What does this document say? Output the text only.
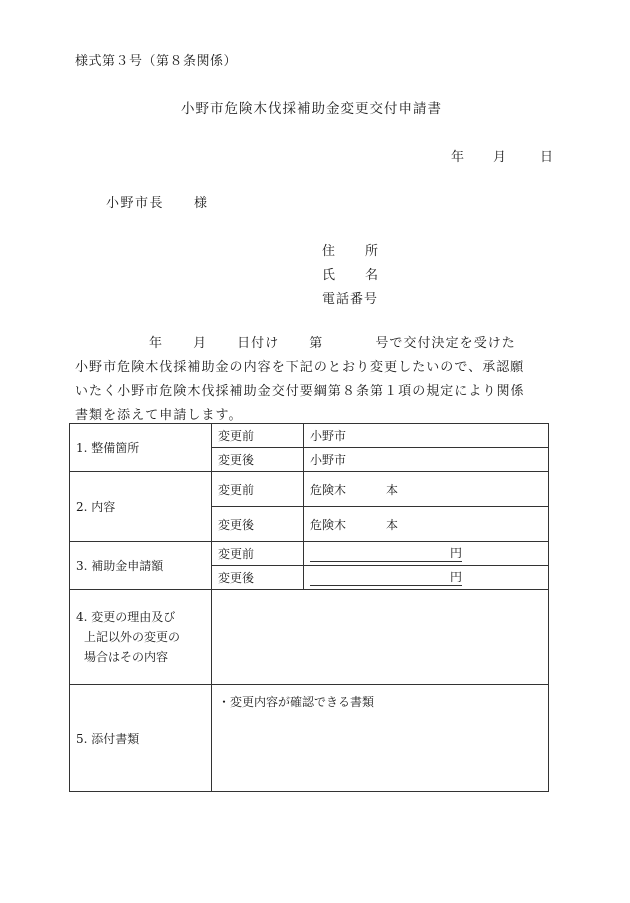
様式第３号（第８条関係）
小野市危険木伐採補助金変更交付申請書
年 月	日
小野市長 様
住 所
氏 名
電話番号
年 月 日付け 第	号で交付決定を受けた
小野市危険木伐採補助金の内容を下記のとおり変更したいので、承認願
いたく小野市危険木伐採補助金交付要綱第８条第１項の規定により関係
書類を添えて申請します。
1. 整備箇所	変更前	小野市
	変更後	小野市
2. 内容	変更前	危険木 本
	変更後	危険木 本
3. 補助金申請額	変更前	円
	変更後	円

4. 変更の理由及び
上記以外の変更の
場合はその内容		

5. 添付書類	・変更内容が確認できる書類	
